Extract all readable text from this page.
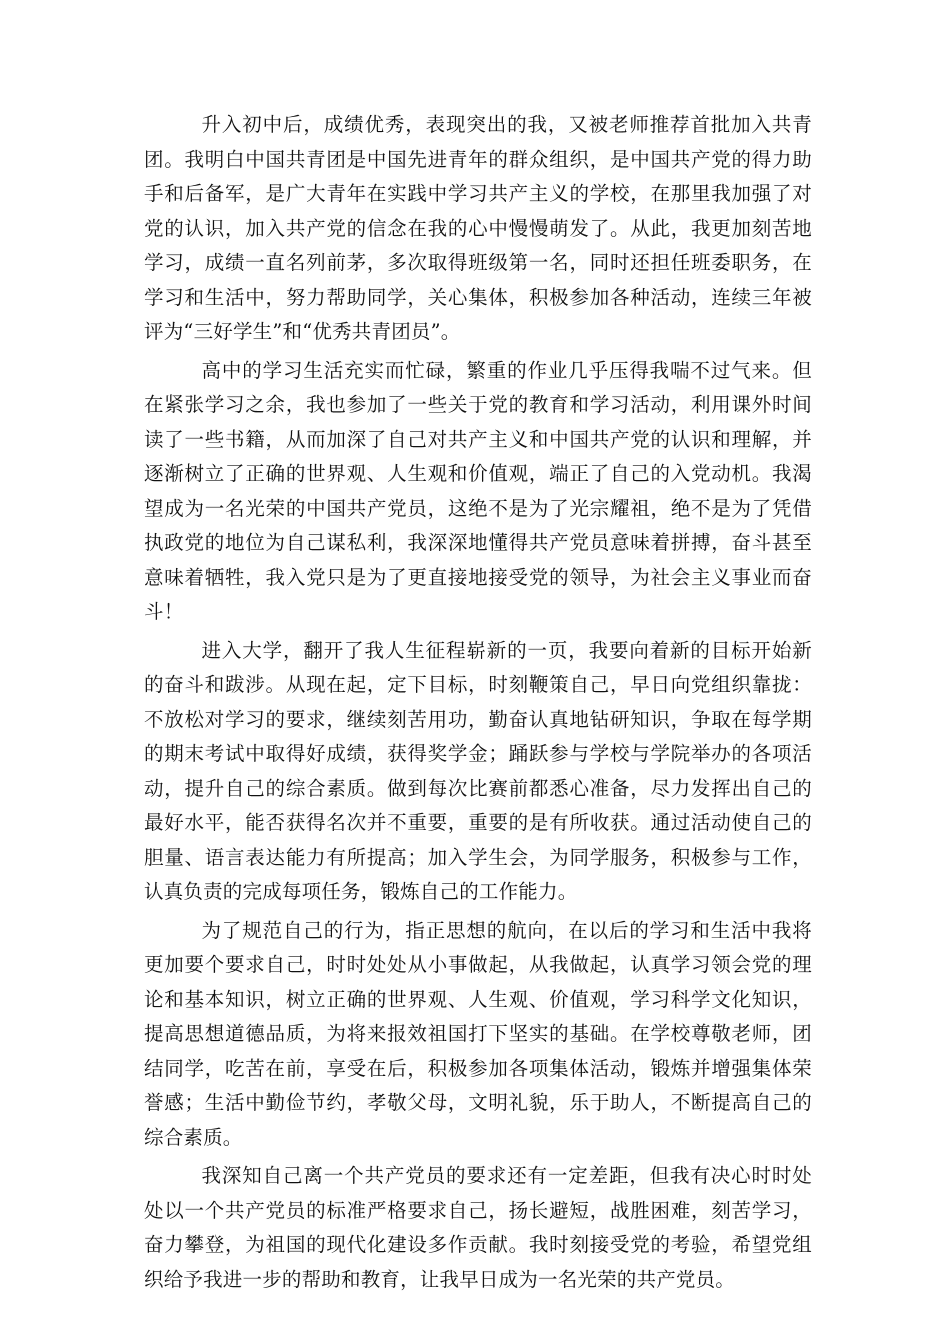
升入初中后，成绩优秀，表现突出的我，又被老师推荐首批加入共青团。我明白中国共青团是中国先进青年的群众组织，是中国共产党的得力助手和后备军，是广大青年在实践中学习共产主义的学校，在那里我加强了对党的认识，加入共产党的信念在我的心中慢慢萌发了。从此，我更加刻苦地学习，成绩一直名列前茅，多次取得班级第一名，同时还担任班委职务，在学习和生活中，努力帮助同学，关心集体，积极参加各种活动，连续三年被评为“三好学生”和“优秀共青团员”。

高中的学习生活充实而忙碌，繁重的作业几乎压得我喘不过气来。但在紧张学习之余，我也参加了一些关于党的教育和学习活动，利用课外时间读了一些书籍，从而加深了自己对共产主义和中国共产党的认识和理解，并逐渐树立了正确的世界观、人生观和价值观，端正了自己的入党动机。我渴望成为一名光荣的中国共产党员，这绝不是为了光宗耀祖，绝不是为了凭借执政党的地位为自己谋私利，我深深地懂得共产党员意味着拼搏，奋斗甚至意味着牺牲，我入党只是为了更直接地接受党的领导，为社会主义事业而奋斗！

进入大学，翻开了我人生征程崭新的一页，我要向着新的目标开始新的奋斗和跋涉。从现在起，定下目标，时刻鞭策自己，早日向党组织靠拢：不放松对学习的要求，继续刻苦用功，勤奋认真地钻研知识，争取在每学期的期末考试中取得好成绩，获得奖学金；踊跃参与学校与学院举办的各项活动，提升自己的综合素质。做到每次比赛前都悉心准备，尽力发挥出自己的最好水平，能否获得名次并不重要，重要的是有所收获。通过活动使自己的胆量、语言表达能力有所提高；加入学生会，为同学服务，积极参与工作，认真负责的完成每项任务，锻炼自己的工作能力。

为了规范自己的行为，指正思想的航向，在以后的学习和生活中我将更加要个要求自己，时时处处从小事做起，从我做起，认真学习领会党的理论和基本知识，树立正确的世界观、人生观、价值观，学习科学文化知识，提高思想道德品质，为将来报效祖国打下坚实的基础。在学校尊敬老师，团结同学，吃苦在前，享受在后，积极参加各项集体活动，锻炼并增强集体荣誉感；生活中勤俭节约，孝敬父母，文明礼貌，乐于助人，不断提高自己的综合素质。

我深知自己离一个共产党员的要求还有一定差距，但我有决心时时处处以一个共产党员的标准严格要求自己，扬长避短，战胜困难，刻苦学习，奋力攀登，为祖国的现代化建设多作贡献。我时刻接受党的考验，希望党组织给予我进一步的帮助和教育，让我早日成为一名光荣的共产党员。
